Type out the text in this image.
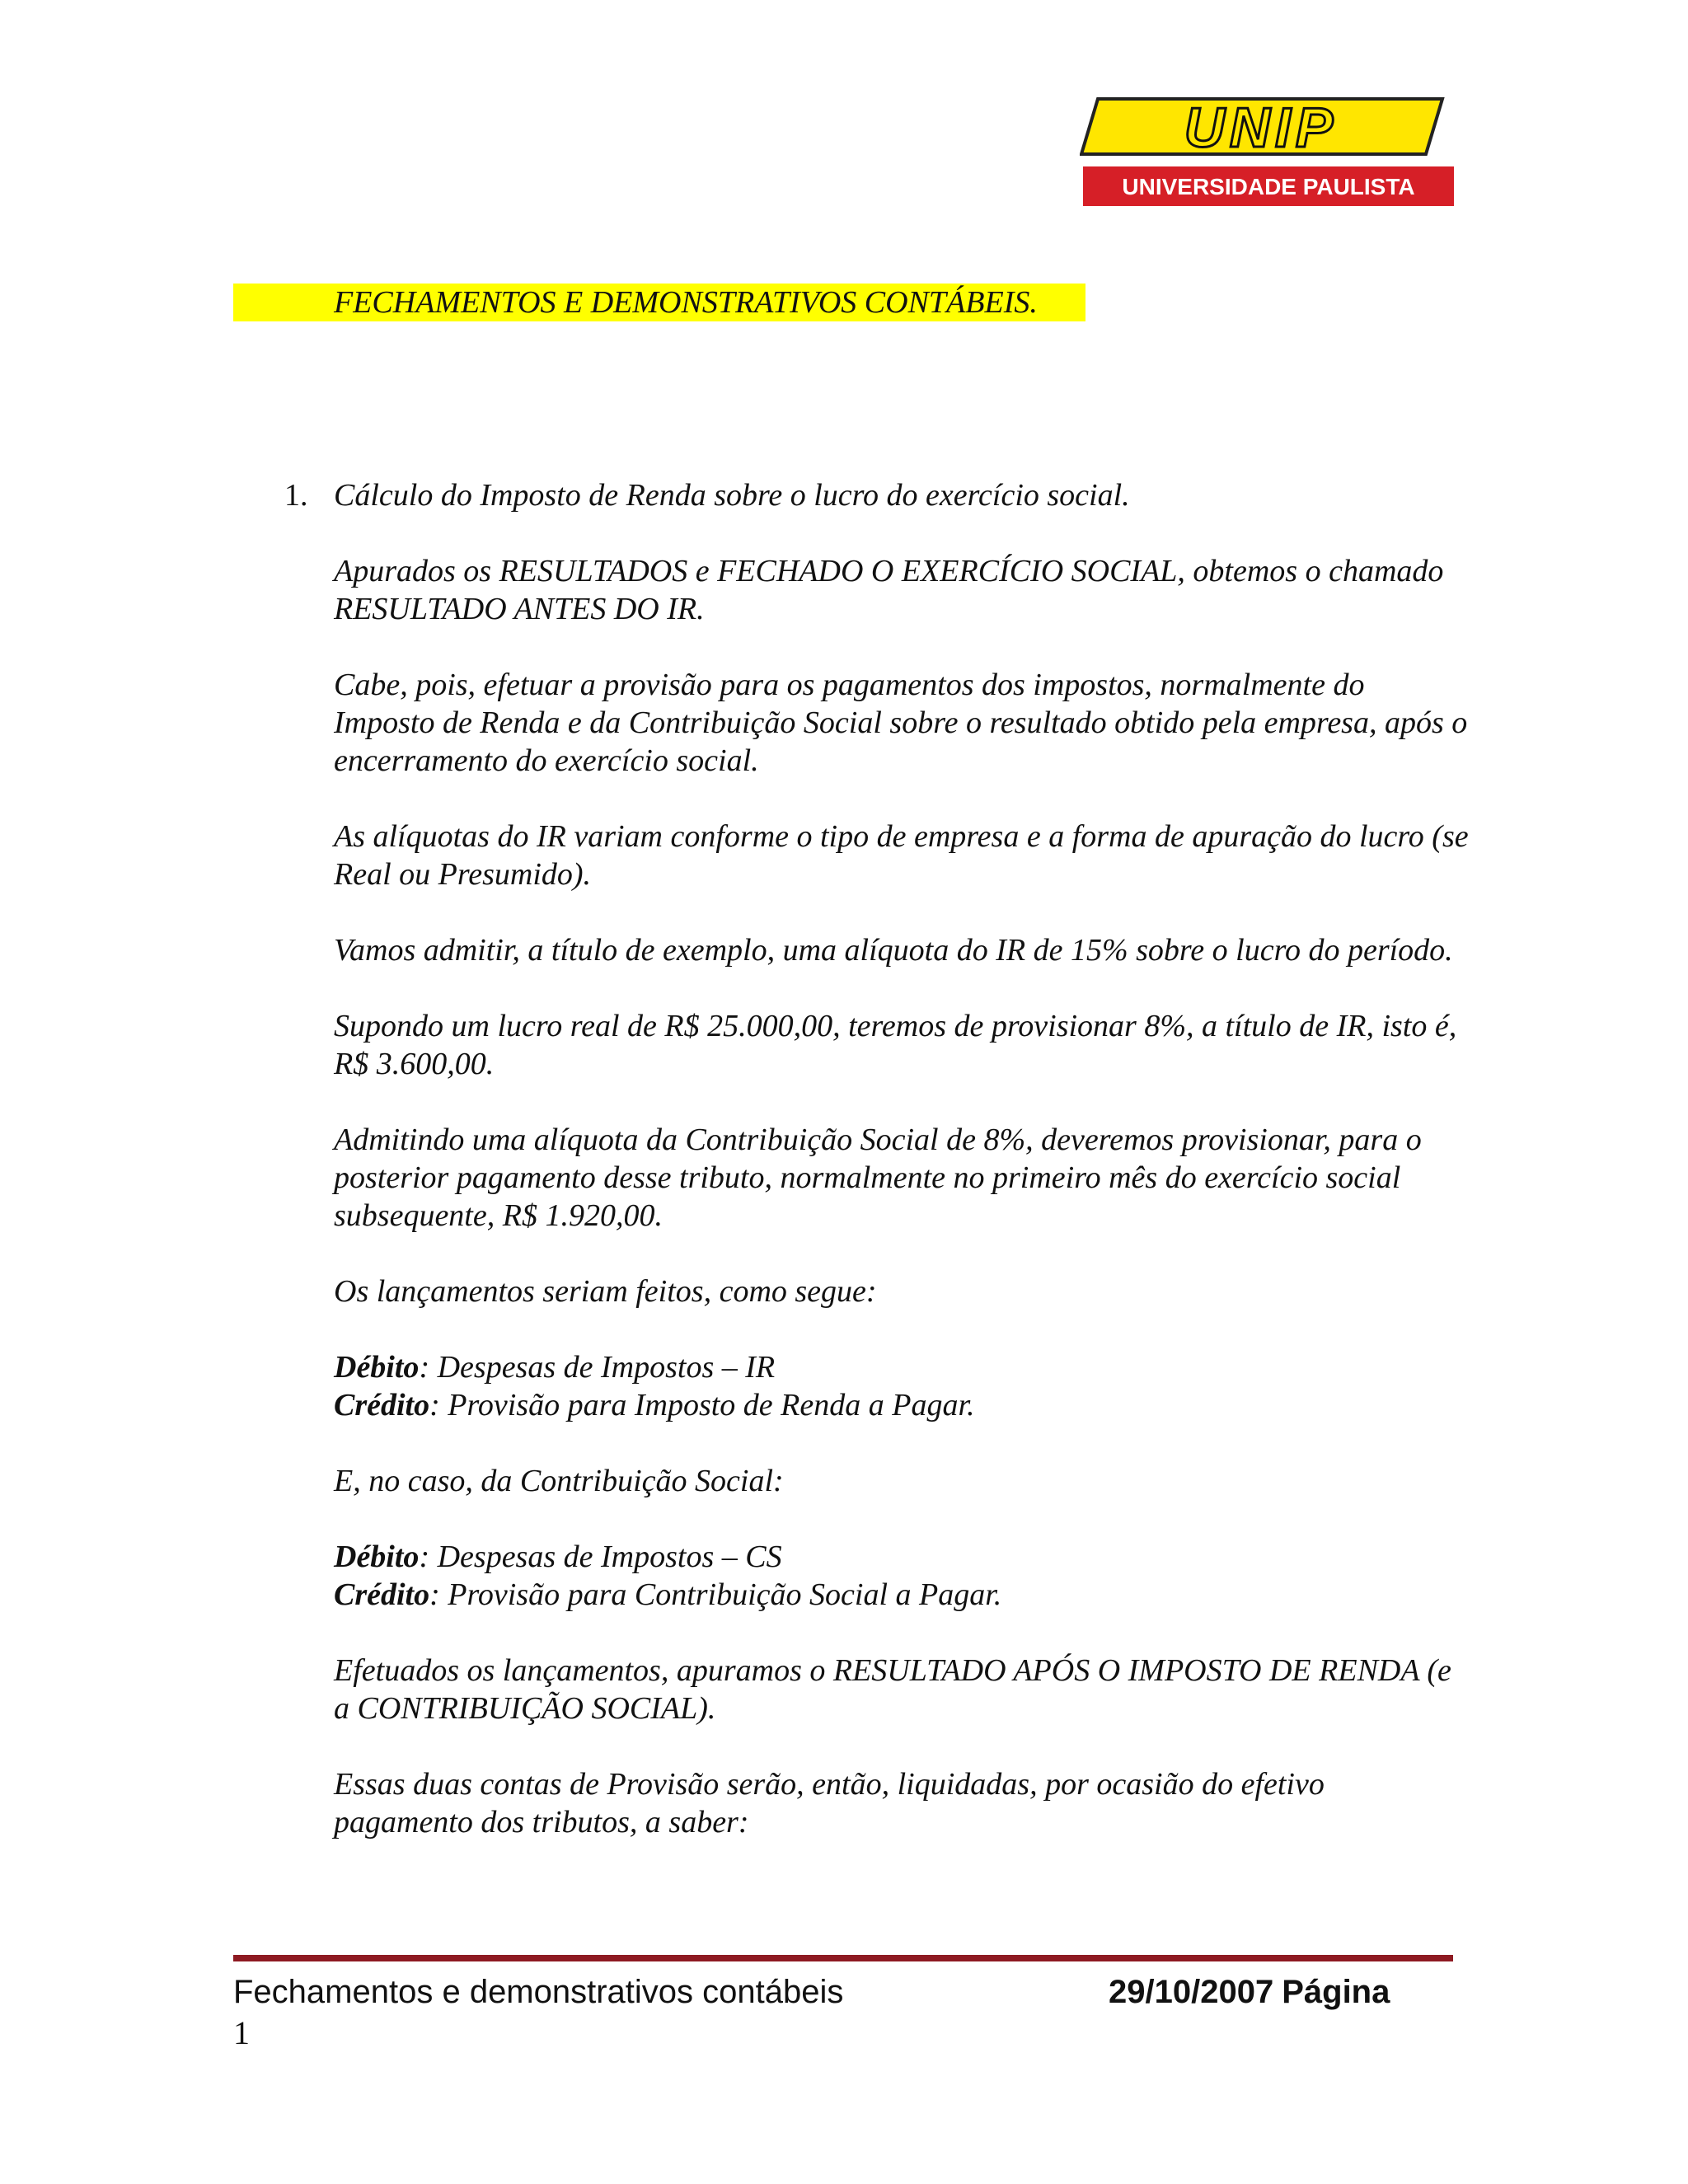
UNIP
UNIVERSIDADE PAULISTA
FECHAMENTOS E DEMONSTRATIVOS CONTÁBEIS.
1. Cálculo do Imposto de Renda sobre o lucro do exercício social.

Apurados os RESULTADOS e FECHADO O EXERCÍCIO SOCIAL, obtemos o chamado RESULTADO ANTES DO IR.

Cabe, pois, efetuar a provisão para os pagamentos dos impostos, normalmente do Imposto de Renda e da Contribuição Social sobre o resultado obtido pela empresa, após o encerramento do exercício social.

As alíquotas do IR variam conforme o tipo de empresa e a forma de apuração do lucro (se Real ou Presumido).

Vamos admitir, a título de exemplo, uma alíquota do IR de 15% sobre o lucro do período.

Supondo um lucro real de R$ 25.000,00, teremos de provisionar 8%, a título de IR, isto é, R$ 3.600,00.

Admitindo uma alíquota da Contribuição Social de 8%, deveremos provisionar, para o posterior pagamento desse tributo, normalmente no primeiro mês do exercício social subsequente, R$ 1.920,00.

Os lançamentos seriam feitos, como segue:

Débito: Despesas de Impostos – IR

Crédito: Provisão para Imposto de Renda a Pagar.

E, no caso, da Contribuição Social:

Débito: Despesas de Impostos – CS

Crédito: Provisão para Contribuição Social a Pagar.

Efetuados os lançamentos, apuramos o RESULTADO APÓS O IMPOSTO DE RENDA (e a CONTRIBUIÇÃO SOCIAL).

Essas duas contas de Provisão serão, então, liquidadas, por ocasião do efetivo pagamento dos tributos, a saber:

Fechamentos e demonstrativos contábeis	29/10/2007 Página
1
